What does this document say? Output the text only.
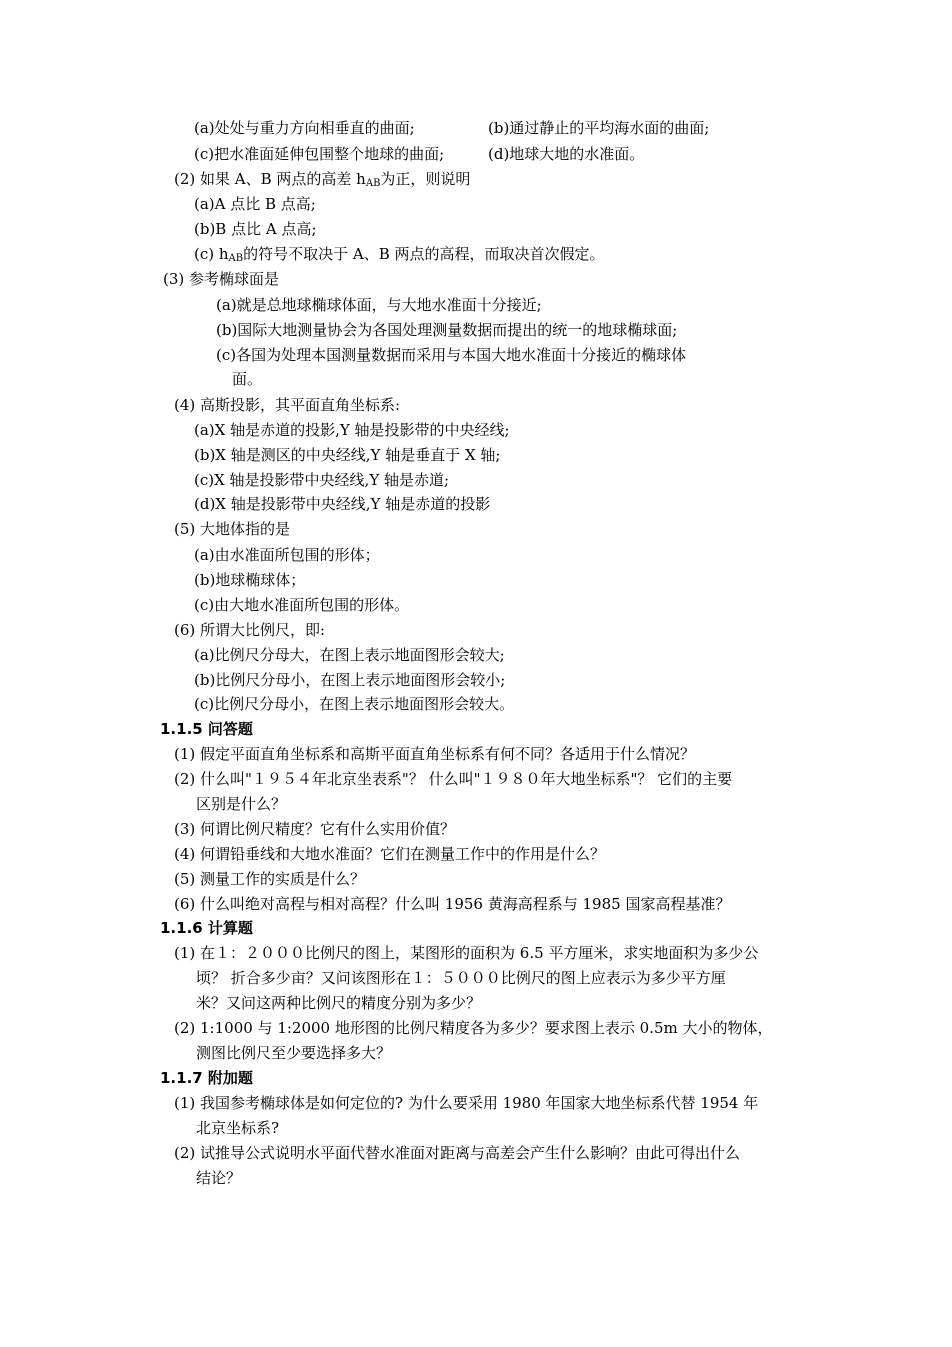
(a)处处与重力方向相垂直的曲面;	(b)通过静止的平均海水面的曲面;
(c)把水准面延伸包围整个地球的曲面;	(d)地球大地的水准面。
(2) 如果 A、B 两点的高差 $h_{AB}$为正，则说明
(a)A 点比 B 点高;
(b)B 点比 A 点高;
(c) $h_{AB}$的符号不取决于 A、B 两点的高程，而取决首次假定。
(3) 参考椭球面是
(a)就是总地球椭球体面，与大地水准面十分接近;
(b)国际大地测量协会为各国处理测量数据而提出的统一的地球椭球面;
(c)各国为处理本国测量数据而采用与本国大地水准面十分接近的椭球体
面。
(4) 高斯投影，其平面直角坐标系:
(a)X 轴是赤道的投影,Y 轴是投影带的中央经线;
(b)X 轴是测区的中央经线,Y 轴是垂直于 X 轴;
(c)X 轴是投影带中央经线,Y 轴是赤道;
(d)X 轴是投影带中央经线,Y 轴是赤道的投影
(5) 大地体指的是
(a)由水准面所包围的形体；
(b)地球椭球体；
(c)由大地水准面所包围的形体。
(6) 所谓大比例尺，即:
(a)比例尺分母大，在图上表示地面图形会较大;
(b)比例尺分母小，在图上表示地面图形会较小;
(c)比例尺分母小，在图上表示地面图形会较大。
1.1.5 问答题
(1) 假定平面直角坐标系和高斯平面直角坐标系有何不同？各适用于什么情况？
(2) 什么叫"１９５４年北京坐表系"？ 什么叫"１９８０年大地坐标系"？ 它们的主要
区别是什么？
(3) 何谓比例尺精度？它有什么实用价值？
(4) 何谓铅垂线和大地水准面？它们在测量工作中的作用是什么？
(5) 测量工作的实质是什么？
(6) 什么叫绝对高程与相对高程？什么叫 1956 黄海高程系与 1985 国家高程基准？
1.1.6 计算题
(1) 在１：２０００比例尺的图上，某图形的面积为 6.5 平方厘米，求实地面积为多少公
顷？ 折合多少亩？又问该图形在１：５０００比例尺的图上应表示为多少平方厘
米？又问这两种比例尺的精度分别为多少？
(2) 1:1000 与 1:2000 地形图的比例尺精度各为多少？要求图上表示 0.5m 大小的物体，
测图比例尺至少要选择多大？
1.1.7 附加题
(1) 我国参考椭球体是如何定位的? 为什么要采用 1980 年国家大地坐标系代替 1954 年
北京坐标系?
(2) 试推导公式说明水平面代替水准面对距离与高差会产生什么影响？由此可得出什么
结论？
